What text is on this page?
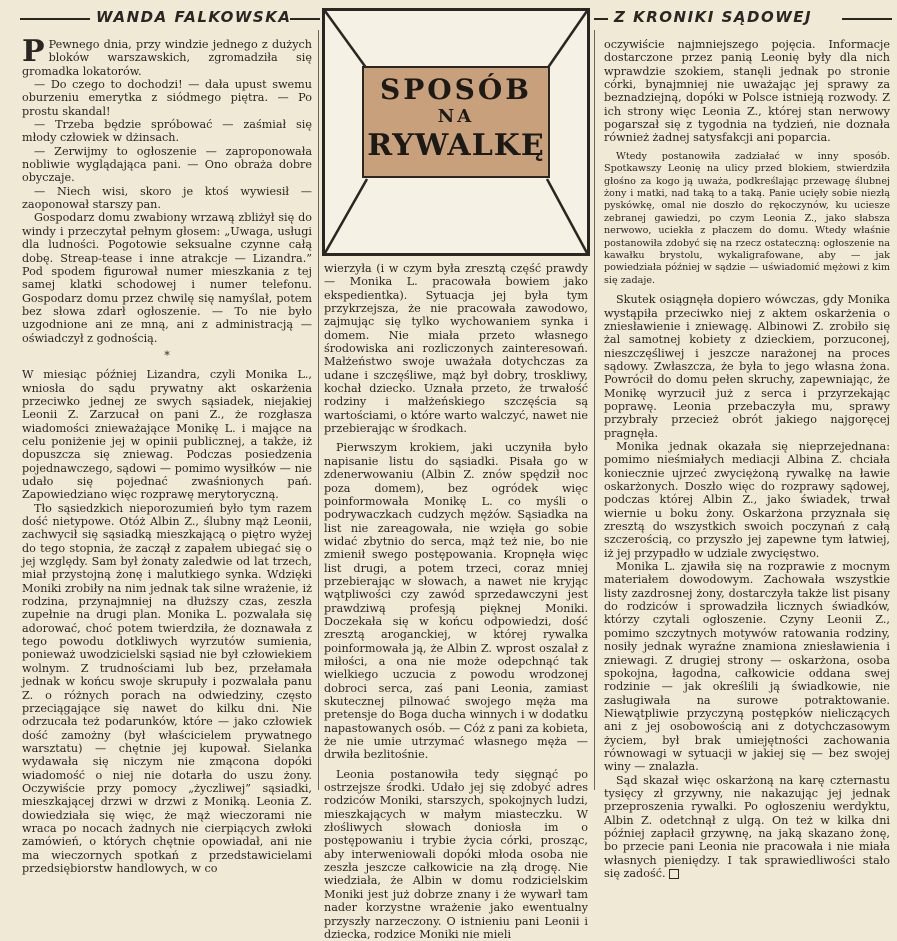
WANDA FALKOWSKA	Z KRONIKI SĄDOWEJ
SPOSÓB
NA
RYWALKĘ

P Pewnego dnia, przy windzie jednego z dużych bloków warszawskich, zgromadziła się gromadka lokatorów.

— Do czego to dochodzi! — dała upust swemu oburzeniu emerytka z siódmego piętra. — Po prostu skandal!

— Trzeba będzie spróbować — zaśmiał się młody człowiek w dżinsach.

— Zerwijmy to ogłoszenie — zaproponowała nobliwie wyglądająca pani. — Ono obraża dobre obyczaje.

— Niech wisi, skoro je ktoś wywiesił — zaoponował starszy pan.

Gospodarz domu zwabiony wrzawą zbliżył się do windy i przeczytał pełnym głosem: „Uwaga, usługi dla ludności. Pogotowie seksualne czynne całą dobę. Streap-tease i inne atrakcje — Lizandra.” Pod spodem figurował numer mieszkania z tej samej klatki schodowej i numer telefonu. Gospodarz domu przez chwilę się namyślał, potem bez słowa zdarł ogłoszenie. — To nie było uzgodnione ani ze mną, ani z administracją — oświadczył z godnością.

*

W miesiąc później Lizandra, czyli Monika L., wniosła do sądu prywatny akt oskarżenia przeciwko jednej ze swych sąsiadek, niejakiej Leonii Z. Zarzucał on pani Z., że rozgłasza wiadomości znieważające Monikę L. i mające na celu poniżenie jej w opinii publicznej, a także, iż dopuszcza się zniewag. Podczas posiedzenia pojednawczego, sądowi — pomimo wysiłków — nie udało się pojednać zwaśnionych pań. Zapowiedziano więc rozprawę merytoryczną.

Tło sąsiedzkich nieporozumień było tym razem dość nietypowe. Otóż Albin Z., ślubny mąż Leonii, zachwycił się sąsiadką mieszkającą o piętro wyżej do tego stopnia, że zaczął z zapałem ubiegać się o jej względy. Sam był żonaty zaledwie od lat trzech, miał przystojną żonę i malutkiego synka. Wdzięki Moniki zrobiły na nim jednak tak silne wrażenie, iż rodzina, przynajmniej na dłuższy czas, zeszła zupełnie na drugi plan. Monika L. pozwalała się adorować, choć potem twierdziła, że doznawała z tego powodu dotkliwych wyrzutów sumienia, ponieważ uwodzicielski sąsiad nie był człowiekiem wolnym. Z trudnościami lub bez, przełamała jednak w końcu swoje skrupuły i pozwalała panu Z. o różnych porach na odwiedziny, często przeciągające się nawet do kilku dni. Nie odrzucała też podarunków, które — jako człowiek dość zamożny (był właścicielem prywatnego warsztatu) — chętnie jej kupował. Sielanka wydawała się niczym nie zmącona dopóki wiadomość o niej nie dotarła do uszu żony. Oczywiście przy pomocy „życzliwej” sąsiadki, mieszkającej drzwi w drzwi z Moniką. Leonia Z. dowiedziała się więc, że mąż wieczorami nie wraca po nocach żadnych nie cierpiących zwłoki zamówień, o których chętnie opowiadał, ani nie ma wieczornych spotkań z przedstawicielami przedsiębiorstw handlowych, w co

wierzyła (i w czym była zresztą część prawdy — Monika L. pracowała bowiem jako ekspedientka). Sytuacja jej była tym przykrzejsza, że nie pracowała zawodowo, zajmując się tylko wychowaniem synka i domem. Nie miała przeto własnego środowiska ani rozliczonych zainteresowań. Małżeństwo swoje uważała dotychczas za udane i szczęśliwe, mąż był dobry, troskliwy, kochał dziecko. Uznała przeto, że trwałość rodziny i małżeńskiego szczęścia są wartościami, o które warto walczyć, nawet nie przebierając w środkach.

Pierwszym krokiem, jaki uczyniła było napisanie listu do sąsiadki. Pisała go w zdenerwowaniu (Albin Z. znów spędził noc poza domem), bez ogródek więc poinformowała Monikę L. co myśli o podrywaczkach cudzych mężów. Sąsiadka na list nie zareagowała, nie wzięła go sobie widać zbytnio do serca, mąż też nie, bo nie zmienił swego postępowania. Kropnęła więc list drugi, a potem trzeci, coraz mniej przebierając w słowach, a nawet nie kryjąc wątpliwości czy zawód sprzedawczyni jest prawdziwą profesją pięknej Moniki. Doczekała się w końcu odpowiedzi, dość zresztą aroganckiej, w której rywalka poinformowała ją, że Albin Z. wprost oszalał z miłości, a ona nie może odepchnąć tak wielkiego uczucia z powodu wrodzonej dobroci serca, zaś pani Leonia, zamiast skutecznej pilnować swojego męża ma pretensje do Boga ducha winnych i w dodatku napastowanych osób. — Cóż z pani za kobieta, że nie umie utrzymać własnego męża — drwiła bezlitośnie.

Leonia postanowiła tedy sięgnąć po ostrzejsze środki. Udało jej się zdobyć adres rodziców Moniki, starszych, spokojnych ludzi, mieszkających w małym miasteczku. W złośliwych słowach doniosła im o postępowaniu i trybie życia córki, prosząc, aby interweniowali dopóki młoda osoba nie zeszła jeszcze całkowicie na złą drogę. Nie wiedziała, że Albin w domu rodzicielskim Moniki jest już dobrze znany i że wywarł tam nader korzystne wrażenie jako ewentualny przyszły narzeczony. O istnieniu pani Leonii i dziecka, rodzice Moniki nie mieli

oczywiście najmniejszego pojęcia. Informacje dostarczone przez panią Leonię były dla nich wprawdzie szokiem, stanęli jednak po stronie córki, bynajmniej nie uważając jej sprawy za beznadziejną, dopóki w Polsce istnieją rozwody. Z ich strony więc Leonia Z., której stan nerwowy pogarszał się z tygodnia na tydzień, nie doznała również żadnej satysfakcji ani poparcia.

Wtedy postanowiła zadziałać w inny sposób. Spotkawszy Leonię na ulicy przed blokiem, stwierdziła głośno za kogo ją uważa, podkreślając przewagę ślubnej żony i matki, nad taką to a taką. Panie ucięły sobie niezłą pyskówkę, omal nie doszło do rękoczynów, ku uciesze zebranej gawiedzi, po czym Leonia Z., jako słabsza nerwowo, uciekła z płaczem do domu. Wtedy właśnie postanowiła zdobyć się na rzecz ostateczną: ogłoszenie na kawałku brystolu, wykaligrafowane, aby — jak powiedziała później w sądzie — uświadomić mężowi z kim się zadaje.

Skutek osiągnęła dopiero wówczas, gdy Monika wystąpiła przeciwko niej z aktem oskarżenia o zniesławienie i zniewagę. Albinowi Z. zrobiło się żal samotnej kobiety z dzieckiem, porzuconej, nieszczęśliwej i jeszcze narażonej na proces sądowy. Zwłaszcza, że była to jego własna żona. Powrócił do domu pełen skruchy, zapewniając, że Monikę wyrzucił już z serca i przyrzekając poprawę. Leonia przebaczyła mu, sprawy przybrały przecież obrót jakiego najgoręcej pragnęła.

Monika jednak okazała się nieprzejednana: pomimo nieśmiałych mediacji Albina Z. chciała koniecznie ujrzeć zwyciężoną rywalkę na ławie oskarżonych. Doszło więc do rozprawy sądowej, podczas której Albin Z., jako świadek, trwał wiernie u boku żony. Oskarżona przyznała się zresztą do wszystkich swoich poczynań z całą szczerością, co przyszło jej zapewne tym łatwiej, iż jej przypadło w udziale zwycięstwo.

Monika L. zjawiła się na rozprawie z mocnym materiałem dowodowym. Zachowała wszystkie listy zazdrosnej żony, dostarczyła także list pisany do rodziców i sprowadziła licznych świadków, którzy czytali ogłoszenie. Czyny Leonii Z., pomimo szczytnych motywów ratowania rodziny, nosiły jednak wyraźne znamiona zniesławienia i zniewagi. Z drugiej strony — oskarżona, osoba spokojna, łagodna, całkowicie oddana swej rodzinie — jak określili ją świadkowie, nie zasługiwała na surowe potraktowanie. Niewątpliwie przyczyną postępków nieliczących ani z jej osobowością ani z dotychczasowym życiem, był brak umiejętności zachowania równowagi w sytuacji w jakiej się — bez swojej winy — znalazła.

Sąd skazał więc oskarżoną na karę czternastu tysięcy zł grzywny, nie nakazując jej jednak przeproszenia rywalki. Po ogłoszeniu werdyktu, Albin Z. odetchnął z ulgą. On też w kilka dni później zapłacił grzywnę, na jaką skazano żonę, bo przecie pani Leonia nie pracowała i nie miała własnych pieniędzy. I tak sprawiedliwości stało się zadość.
